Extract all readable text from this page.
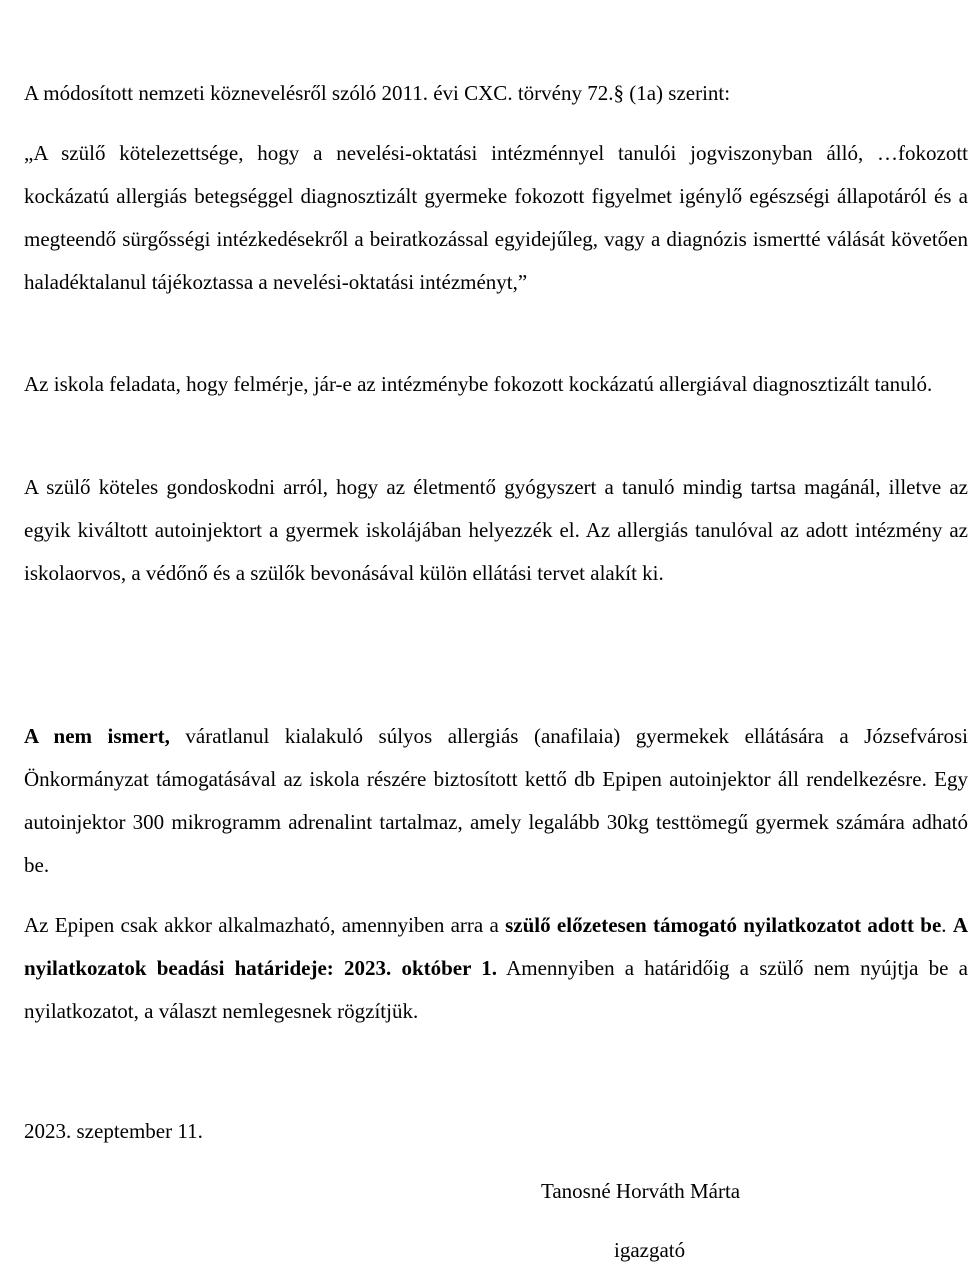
A módosított nemzeti köznevelésről szóló 2011. évi CXC. törvény 72.§ (1a) szerint:

„A szülő kötelezettsége, hogy a nevelési-oktatási intézménnyel tanulói jogviszonyban álló, …fokozott kockázatú allergiás betegséggel diagnosztizált gyermeke fokozott figyelmet igénylő egészségi állapotáról és a megteendő sürgősségi intézkedésekről a beiratkozással egyidejűleg, vagy a diagnózis ismertté válását követően haladéktalanul tájékoztassa a nevelési-oktatási intézményt,”

Az iskola feladata, hogy felmérje, jár-e az intézménybe fokozott kockázatú allergiával diagnosztizált tanuló.

A szülő köteles gondoskodni arról, hogy az életmentő gyógyszert a tanuló mindig tartsa magánál, illetve az egyik kiváltott autoinjektort a gyermek iskolájában helyezzék el. Az allergiás tanulóval az adott intézmény az iskolaorvos, a védőnő és a szülők bevonásával külön ellátási tervet alakít ki.

A nem ismert, váratlanul kialakuló súlyos allergiás (anafilaia) gyermekek ellátására a Józsefvárosi Önkormányzat támogatásával az iskola részére biztosított kettő db Epipen autoinjektor áll rendelkezésre. Egy autoinjektor 300 mikrogramm adrenalint tartalmaz, amely legalább 30kg testtömegű gyermek számára adható be.

Az Epipen csak akkor alkalmazható, amennyiben arra a szülő előzetesen támogató nyilatkozatot adott be. A nyilatkozatok beadási határideje: 2023. október 1. Amennyiben a határidőig a szülő nem nyújtja be a nyilatkozatot, a választ nemlegesnek rögzítjük.

2023. szeptember 11.

Tanosné Horváth Márta

igazgató
